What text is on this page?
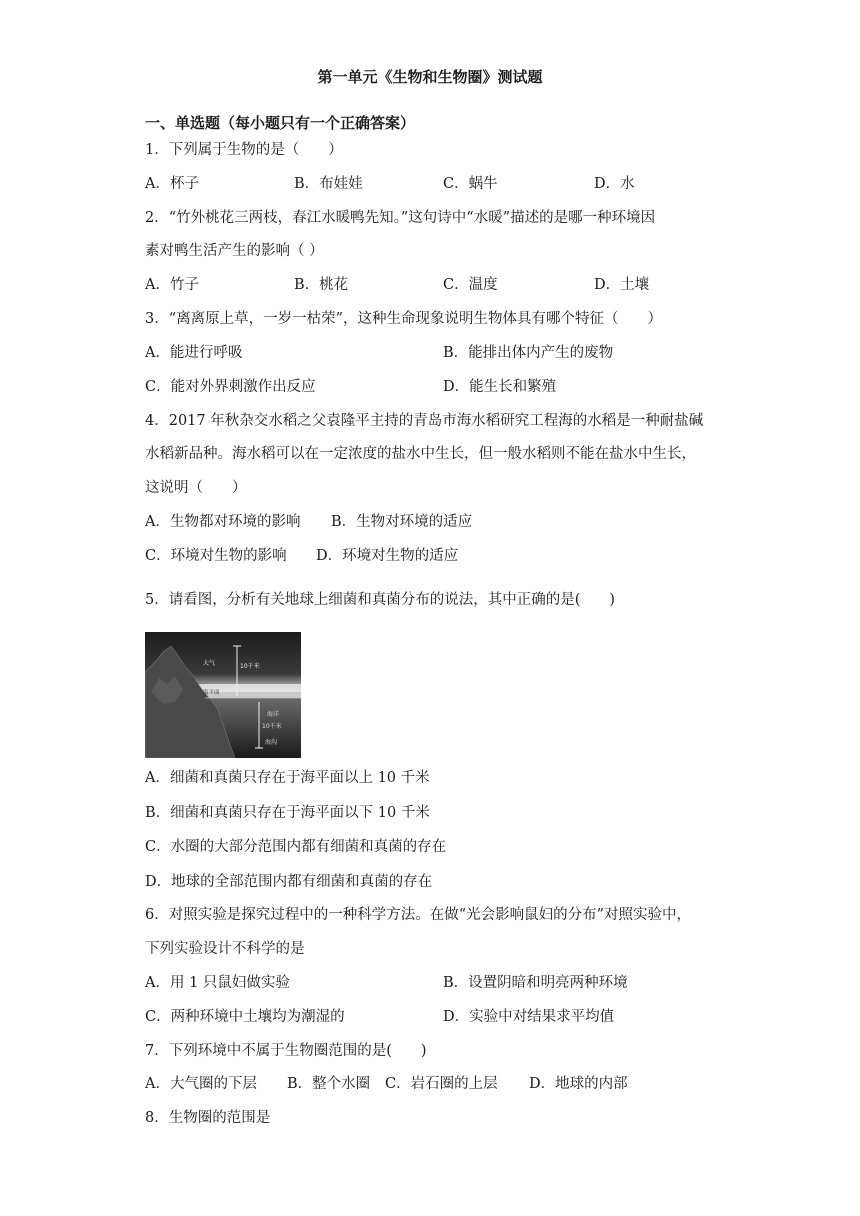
第一单元《生物和生物圈》测试题
一、单选题（每小题只有一个正确答案）
1．下列属于生物的是（　　）
A．杯子	B．布娃娃	C．蜗牛	D．水
2．“竹外桃花三两枝，春江水暖鸭先知。”这句诗中“水暖”描述的是哪一种环境因
素对鸭生活产生的影响（ ）
A．竹子	B．桃花	C．温度	D．土壤
3．“离离原上草，一岁一枯荣”，这种生命现象说明生物体具有哪个特征（　　）
A．能进行呼吸	B．能排出体内产生的废物
C．能对外界刺激作出反应	D．能生长和繁殖
4．2017 年秋杂交水稻之父袁隆平主持的青岛市海水稻研究工程海的水稻是一种耐盐碱
水稻新品种。海水稻可以在一定浓度的盐水中生长，但一般水稻则不能在盐水中生长，
这说明（　　）
A．生物都对环境的影响 B．生物对环境的适应
C．环境对生物的影响 D．环境对生物的适应
5．请看图，分析有关地球上细菌和真菌分布的说法，其中正确的是(　　)
大气	10千米
海平面
海洋
10千米
海沟
A．细菌和真菌只存在于海平面以上 10 千米
B．细菌和真菌只存在于海平面以下 10 千米
C．水圈的大部分范围内都有细菌和真菌的存在
D．地球的全部范围内都有细菌和真菌的存在
6．对照实验是探究过程中的一种科学方法。在做“光会影响鼠妇的分布”对照实验中，
下列实验设计不科学的是
A．用 1 只鼠妇做实验	B．设置阴暗和明亮两种环境
C．两种环境中土壤均为潮湿的	D．实验中对结果求平均值
7．下列环境中不属于生物圈范围的是(　　)
A．大气圈的下层 B．整个水圈 C．岩石圈的上层 D．地球的内部
8．生物圈的范围是
